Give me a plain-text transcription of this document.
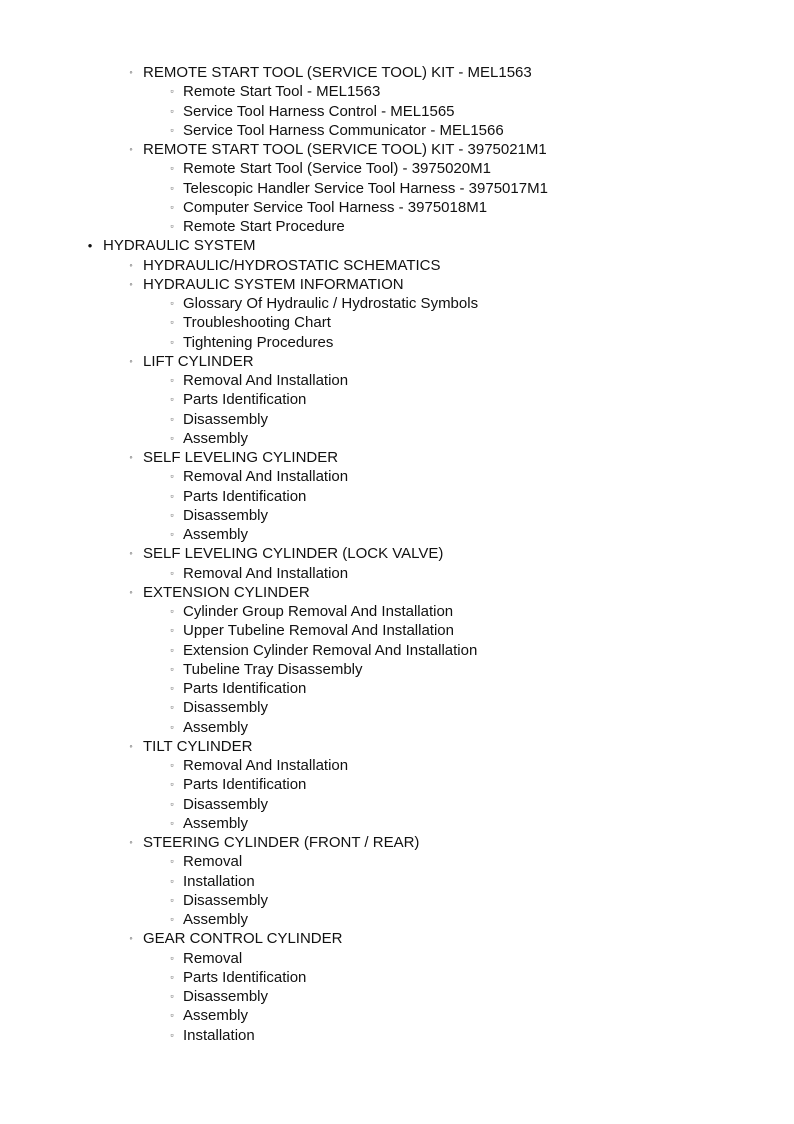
◦ REMOTE START TOOL (SERVICE TOOL) KIT - MEL1563
▫ Remote Start Tool - MEL1563
▫ Service Tool Harness Control - MEL1565
▫ Service Tool Harness Communicator - MEL1566
◦ REMOTE START TOOL (SERVICE TOOL) KIT - 3975021M1
▫ Remote Start Tool (Service Tool) - 3975020M1
▫ Telescopic Handler Service Tool Harness - 3975017M1
▫ Computer Service Tool Harness - 3975018M1
▫ Remote Start Procedure
• HYDRAULIC SYSTEM
◦ HYDRAULIC/HYDROSTATIC SCHEMATICS
◦ HYDRAULIC SYSTEM INFORMATION
▫ Glossary Of Hydraulic / Hydrostatic Symbols
▫ Troubleshooting Chart
▫ Tightening Procedures
◦ LIFT CYLINDER
▫ Removal And Installation
▫ Parts Identification
▫ Disassembly
▫ Assembly
◦ SELF LEVELING CYLINDER
▫ Removal And Installation
▫ Parts Identification
▫ Disassembly
▫ Assembly
◦ SELF LEVELING CYLINDER (LOCK VALVE)
▫ Removal And Installation
◦ EXTENSION CYLINDER
▫ Cylinder Group Removal And Installation
▫ Upper Tubeline Removal And Installation
▫ Extension Cylinder Removal And Installation
▫ Tubeline Tray Disassembly
▫ Parts Identification
▫ Disassembly
▫ Assembly
◦ TILT CYLINDER
▫ Removal And Installation
▫ Parts Identification
▫ Disassembly
▫ Assembly
◦ STEERING CYLINDER (FRONT / REAR)
▫ Removal
▫ Installation
▫ Disassembly
▫ Assembly
◦ GEAR CONTROL CYLINDER
▫ Removal
▫ Parts Identification
▫ Disassembly
▫ Assembly
▫ Installation
